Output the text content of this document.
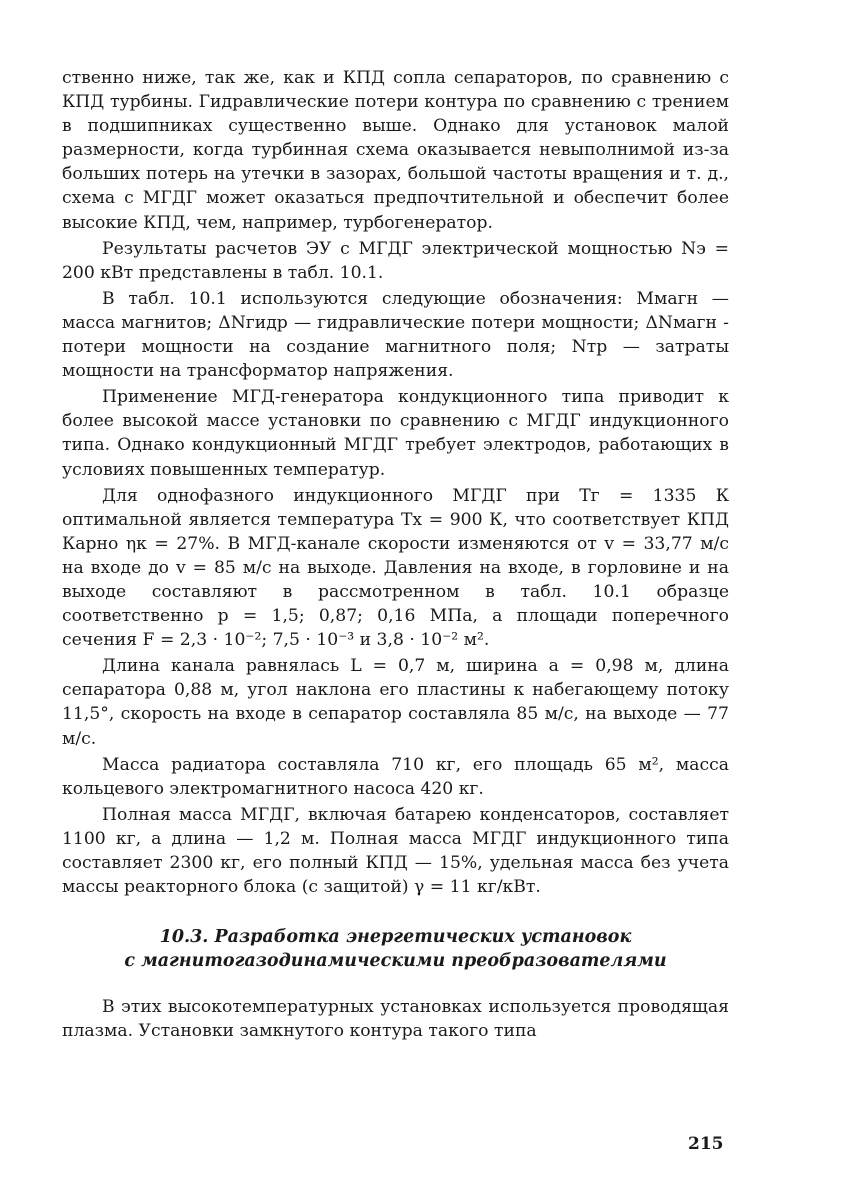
ственно ниже, так же, как и КПД сопла сепараторов, по сравнению с КПД турбины. Гидравлические потери контура по сравнению с трением в подшипниках существенно выше. Однако для установок малой размерности, когда турбинная схема оказывается невыполнимой из-за больших потерь на утечки в зазорах, большой частоты вращения и т. д., схема с МГДГ может оказаться предпочтительной и обеспечит более высокие КПД, чем, например, турбогенератор.

Результаты расчетов ЭУ с МГДГ электрической мощностью Nэ = 200 кВт представлены в табл. 10.1.

В табл. 10.1 используются следующие обозначения: Mмагн — масса магнитов; ΔNгидр — гидравлические потери мощности; ΔNмагн - потери мощности на создание магнитного поля; Nтр — затраты мощности на трансформатор напряжения.

Применение МГД-генератора кондукционного типа приводит к более высокой массе установки по сравнению с МГДГ индукционного типа. Однако кондукционный МГДГ требует электродов, работающих в условиях повышенных температур.

Для однофазного индукционного МГДГ при Tг = 1335 К оптимальной является температура Tх = 900 К, что соответствует КПД Карно ηк = 27%. В МГД-канале скорости изменяются от v = 33,77 м/с на входе до v = 85 м/с на выходе. Давления на входе, в горловине и на выходе составляют в рассмотренном в табл. 10.1 образце соответственно p = 1,5; 0,87; 0,16 МПа, а площади поперечного сечения F = 2,3 · 10⁻²; 7,5 · 10⁻³ и 3,8 · 10⁻² м².

Длина канала равнялась L = 0,7 м, ширина a = 0,98 м, длина сепаратора 0,88 м, угол наклона его пластины к набегающему потоку 11,5°, скорость на входе в сепаратор составляла 85 м/с, на выходе — 77 м/с.

Масса радиатора составляла 710 кг, его площадь 65 м², масса кольцевого электромагнитного насоса 420 кг.

Полная масса МГДГ, включая батарею конденсаторов, составляет 1100 кг, а длина — 1,2 м. Полная масса МГДГ индукционного типа составляет 2300 кг, его полный КПД — 15%, удельная масса без учета массы реакторного блока (с защитой) γ = 11 кг/кВт.

10.3. Разработка энергетических установок
с магнитогазодинамическими преобразователями

В этих высокотемпературных установках используется проводящая плазма. Установки замкнутого контура такого типа

215
